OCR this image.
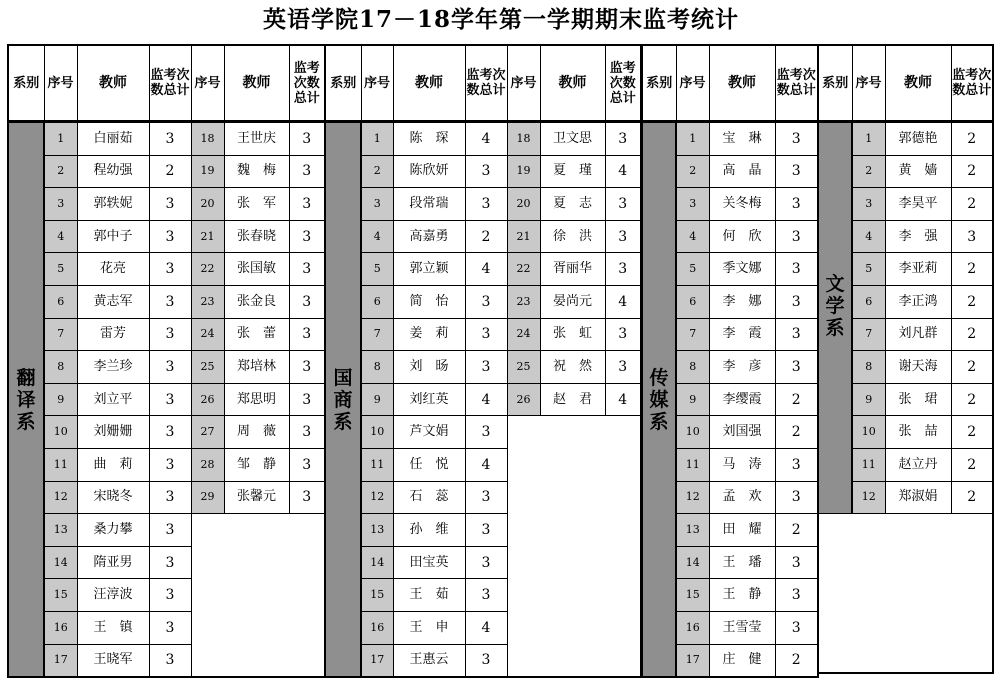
英语学院17－18学年第一学期期末监考统计
系别	序号	教师	监考次数总计	序号	教师	监考次数总计
翻译系	1	白丽茹	3	18	王世庆	3
	2	程幼强	2	19	魏　梅	3
	3	郭轶妮	3	20	张　军	3
	4	郭中子	3	21	张春晓	3
	5	花亮	3	22	张国敏	3
	6	黄志军	3	23	张金良	3
	7	雷芳	3	24	张　蕾	3
	8	李兰珍	3	25	郑培林	3
	9	刘立平	3	26	郑思明	3
	10	刘姗姗	3	27	周　薇	3
	11	曲　莉	3	28	邹　静	3
	12	宋晓冬	3	29	张馨元	3
	13	桑力攀	3			
	14	隋亚男	3			
	15	汪淳波	3			
	16	王　镇	3			
	17	王晓军	3			
系别	序号	教师	监考次数总计	序号	教师	监考次数总计
国商系	1	陈　琛	4	18	卫文思	3
	2	陈欣妍	3	19	夏　瑾	4
	3	段常瑞	3	20	夏　志	3
	4	高嘉勇	2	21	徐　洪	3
	5	郭立颖	4	22	胥丽华	3
	6	简　怡	3	23	晏尚元	4
	7	姜　莉	3	24	张　虹	3
	8	刘　旸	3	25	祝　然	3
	9	刘红英	4	26	赵　君	4
	10	芦文娟	3			
	11	任　悦	4			
	12	石　蕊	3			
	13	孙　维	3			
	14	田宝英	3			
	15	王　茹	3			
	16	王　申	4			
	17	王惠云	3			
系别	序号	教师	监考次数总计
传媒系	1	宝　琳	3
	2	高　晶	3
	3	关冬梅	3
	4	何　欣	3
	5	季文娜	3
	6	李　娜	3
	7	李　霞	3
	8	李　彦	3
	9	李缨霞	2
	10	刘国强	2
	11	马　涛	3
	12	孟　欢	3
	13	田　耀	2
	14	王　璠	3
	15	王　静	3
	16	王雪莹	3
	17	庄　健	2
系别	序号	教师	监考次数总计
文学系	1	郭德艳	2
	2	黄　嫱	2
	3	李昊平	2
	4	李　强	3
	5	李亚莉	2
	6	李正鸿	2
	7	刘凡群	2
	8	谢天海	2
	9	张　珺	2
	10	张　喆	2
	11	赵立丹	2
	12	郑淑娟	2
